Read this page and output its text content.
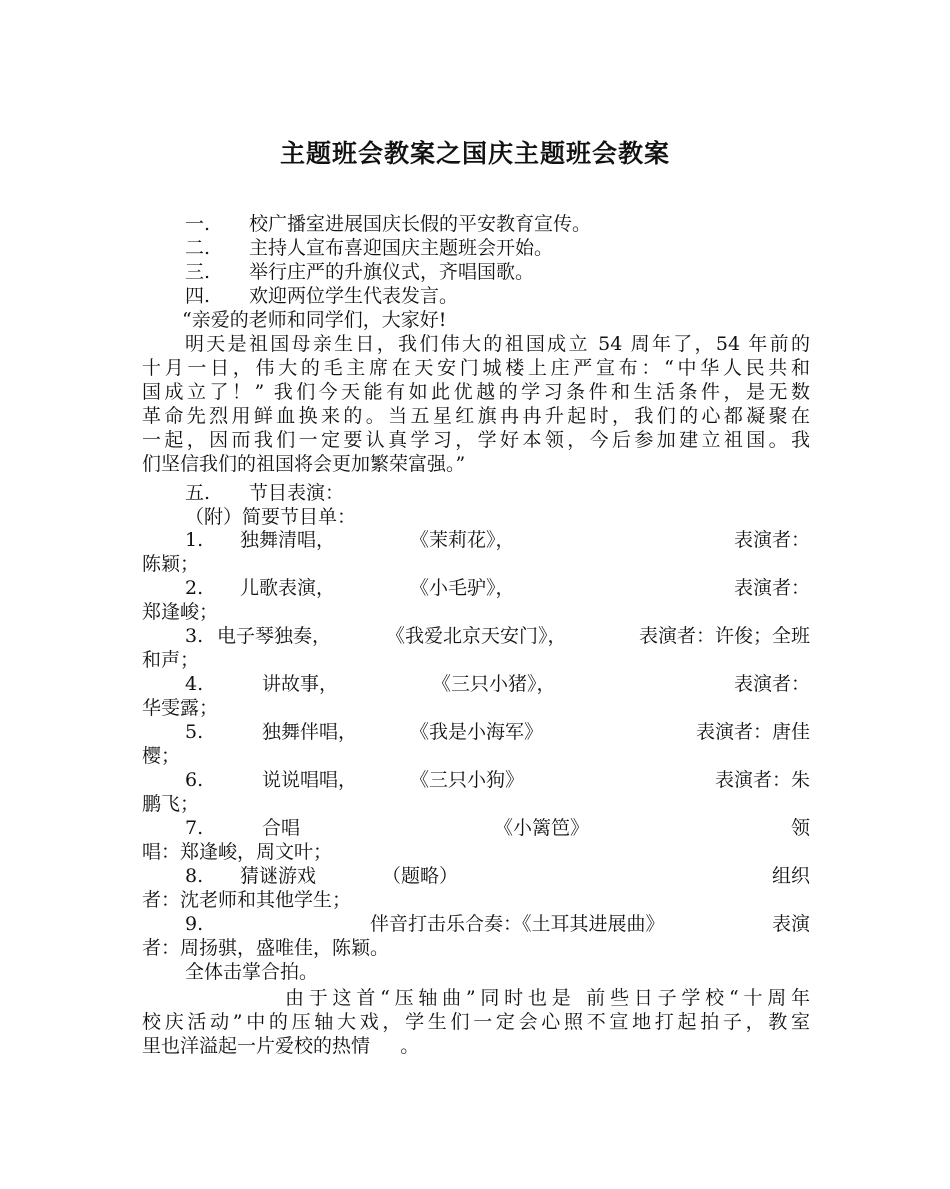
主题班会教案之国庆主题班会教案
一. 校广播室进展国庆长假的平安教育宣传。
二. 主持人宣布喜迎国庆主题班会开始。
三. 举行庄严的升旗仪式，齐唱国歌。
四. 欢迎两位学生代表发言。
“亲爱的老师和同学们，大家好!
明天是祖国母亲生日，我们伟大的祖国成立 54 周年了，54 年前的
十月一日，伟大的毛主席在天安门城楼上庄严宣布：“中华人民共和
国成立了！” 我们今天能有如此优越的学习条件和生活条件，是无数
革命先烈用鲜血换来的。当五星红旗冉冉升起时，我们的心都凝聚在
一起，因而我们一定要认真学习，学好本领，今后参加建立祖国。我
们坚信我们的祖国将会更加繁荣富强。”
五. 节目表演：
（附）简要节目单：
1. 独舞清唱，	《茉莉花》，	表演者：
陈颖；
2. 儿歌表演，	《小毛驴》，	表演者：
郑逢峻；
3. 电子琴独奏，	《我爱北京天安门》，	表演者：许俊；全班
和声；
4.	讲故事，	《三只小猪》，	表演者：
华雯露；
5.	独舞伴唱，	《我是小海军》	表演者：唐佳
樱；
6.	说说唱唱，	《三只小狗》	表演者：朱
鹏飞；
7.	合唱	《小篱笆》	领
唱：郑逢峻，周文叶；
8. 猜谜游戏	（题略）	组织
者：沈老师和其他学生；
9.	伴音打击乐合奏：《土耳其进展曲》	表演
者：周扬骐，盛唯佳，陈颖。
全体击掌合拍。
由于这首“压轴曲”同时也是 前些日子学校“十周年
校庆活动”中的压轴大戏，学生们一定会心照不宣地打起拍子，教室
里也洋溢起一片爱校的热情     。
